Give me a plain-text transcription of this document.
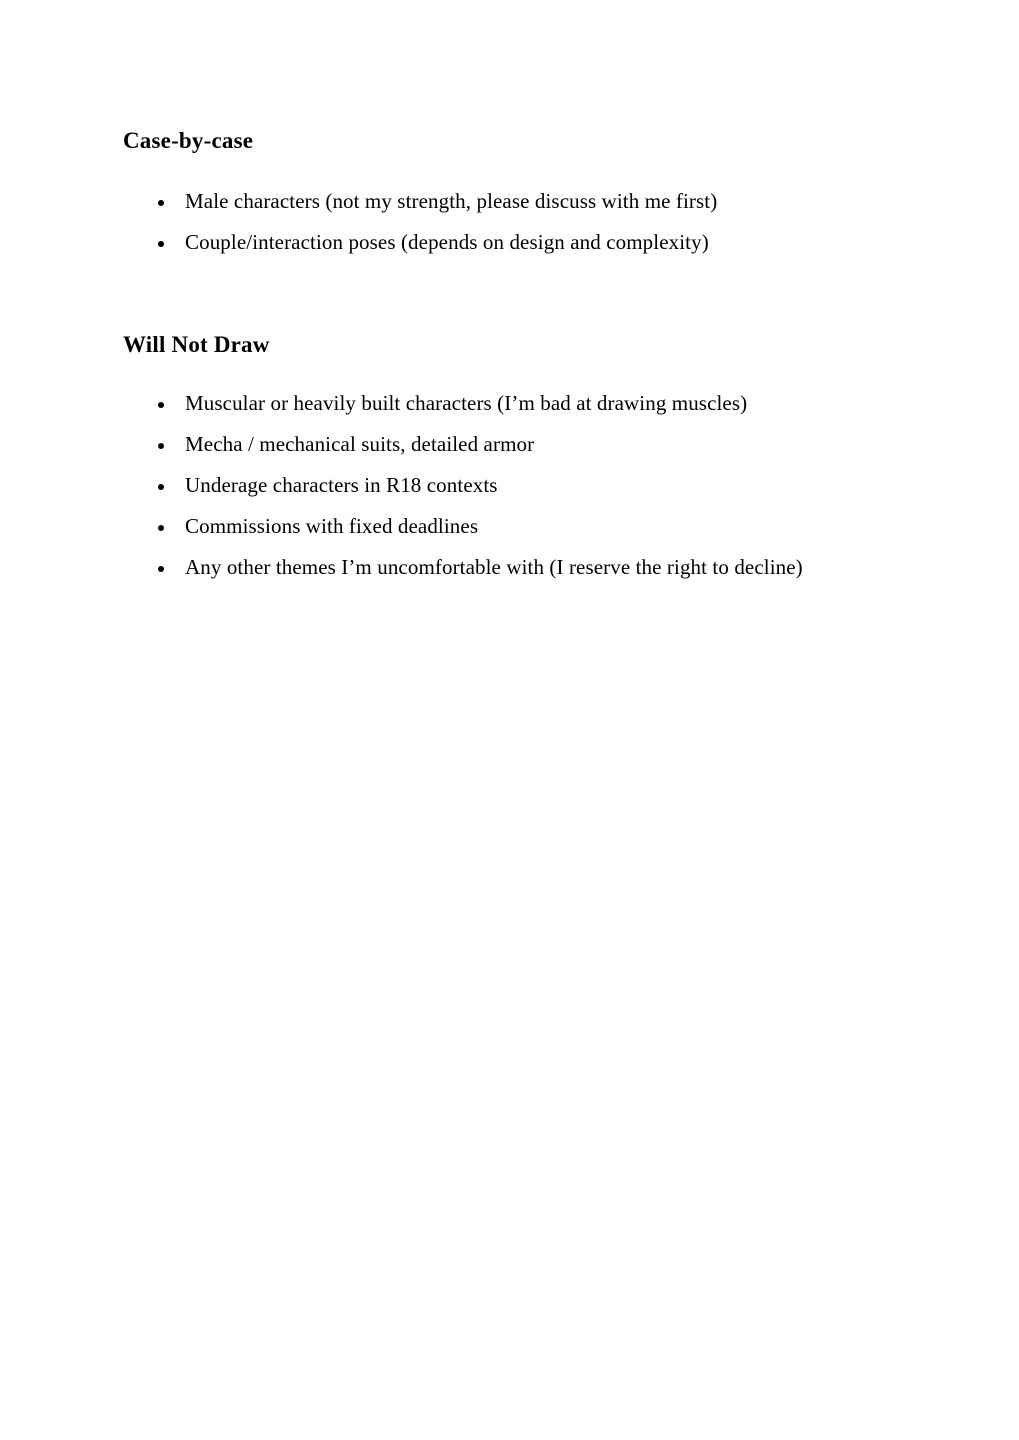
Case-by-case
Male characters (not my strength, please discuss with me first)
Couple/interaction poses (depends on design and complexity)
Will Not Draw
Muscular or heavily built characters (I’m bad at drawing muscles)
Mecha / mechanical suits, detailed armor
Underage characters in R18 contexts
Commissions with fixed deadlines
Any other themes I’m uncomfortable with (I reserve the right to decline)
